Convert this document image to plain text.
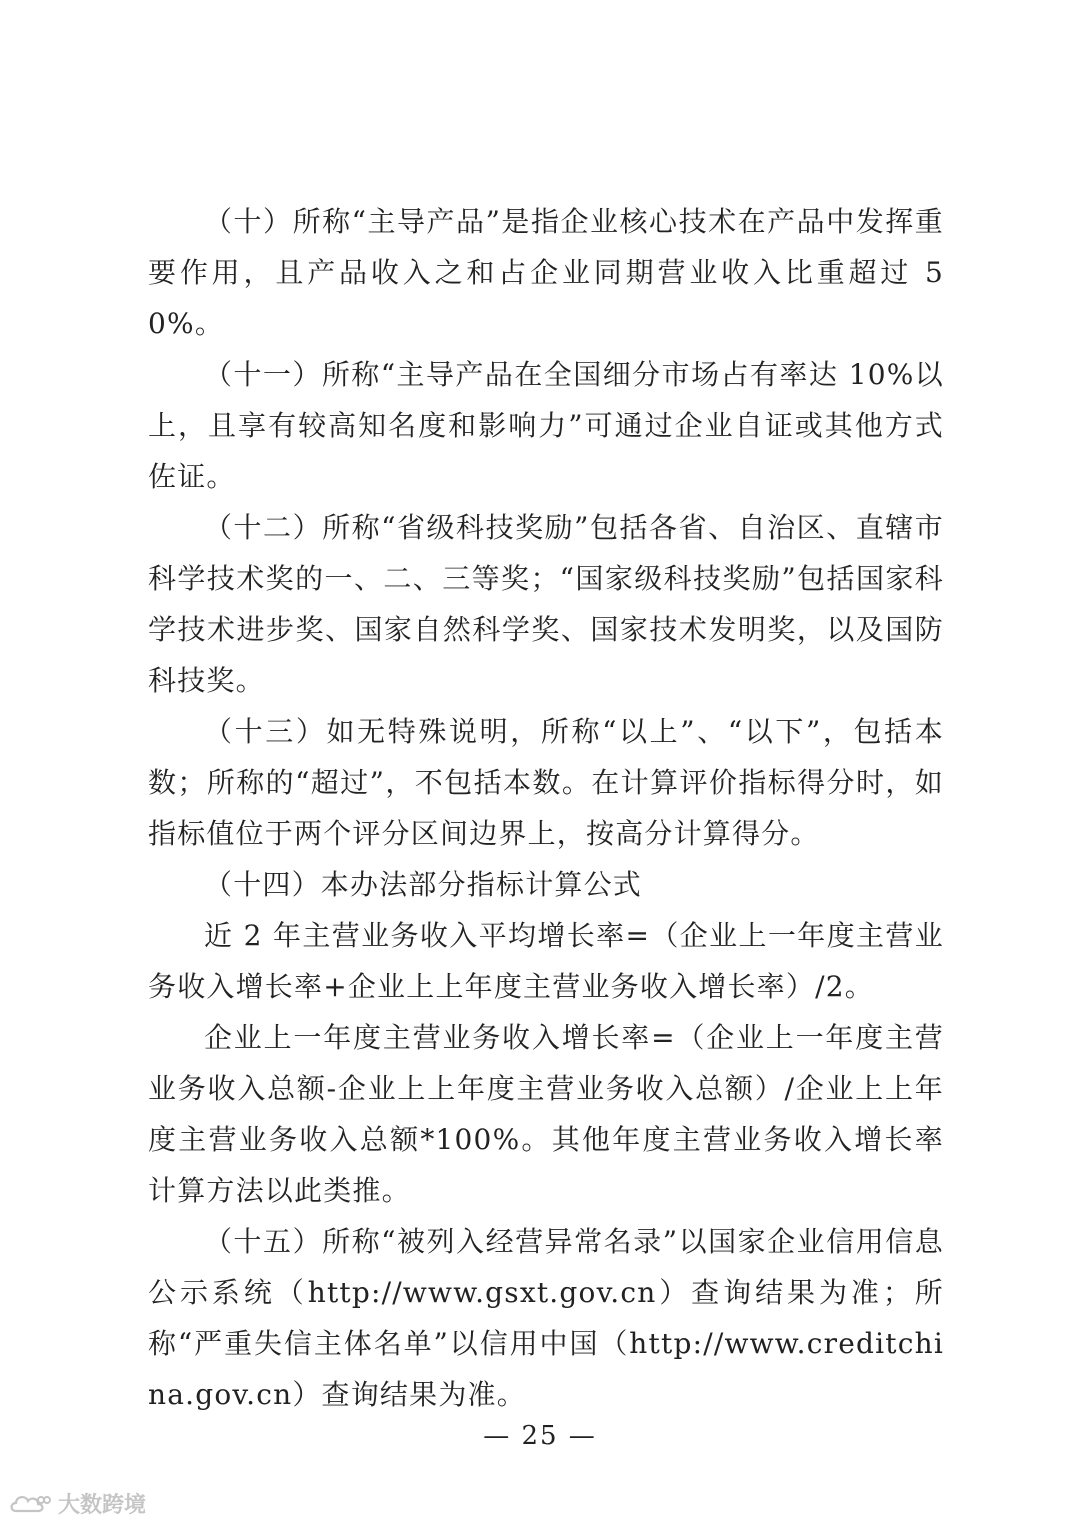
（十）所称“主导产品”是指企业核心技术在产品中发挥重要作用，且产品收入之和占企业同期营业收入比重超过 50%。

（十一）所称“主导产品在全国细分市场占有率达 10%以上，且享有较高知名度和影响力”可通过企业自证或其他方式佐证。

（十二）所称“省级科技奖励”包括各省、自治区、直辖市科学技术奖的一、二、三等奖；“国家级科技奖励”包括国家科学技术进步奖、国家自然科学奖、国家技术发明奖，以及国防科技奖。

（十三）如无特殊说明，所称“以上”、“以下”，包括本数；所称的“超过”，不包括本数。在计算评价指标得分时，如指标值位于两个评分区间边界上，按高分计算得分。

（十四）本办法部分指标计算公式

近 2 年主营业务收入平均增长率=（企业上一年度主营业务收入增长率+企业上上年度主营业务收入增长率）/2。

企业上一年度主营业务收入增长率=（企业上一年度主营业务收入总额-企业上上年度主营业务收入总额）/企业上上年度主营业务收入总额*100%。其他年度主营业务收入增长率计算方法以此类推。

（十五）所称“被列入经营异常名录”以国家企业信用信息公示系统（http://www.gsxt.gov.cn）查询结果为准；所称“严重失信主体名单”以信用中国（http://www.creditchina.gov.cn）查询结果为准。

— 25 —
大数跨境
